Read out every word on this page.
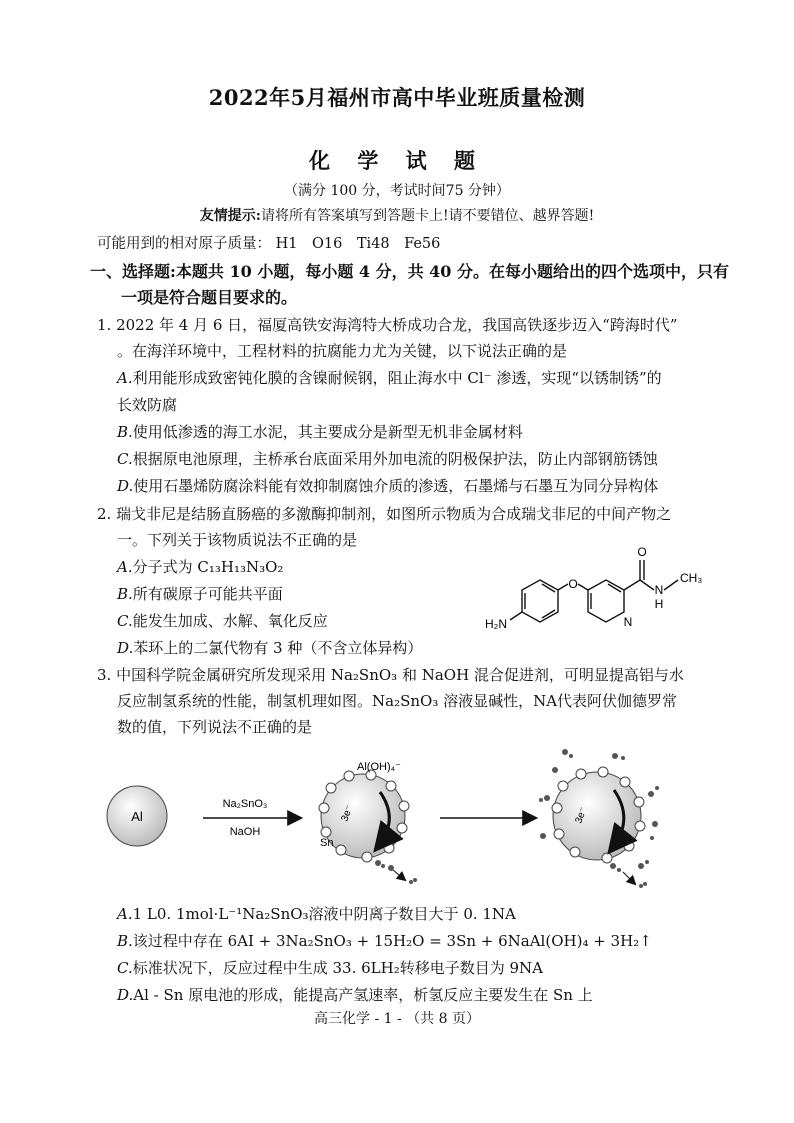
2022年5月福州市高中毕业班质量检测
化 学 试 题
（满分 100 分，考试时间75 分钟）
友情提示:请将所有答案填写到答题卡上!请不要错位、越界答题!
可能用到的相对原子质量： H1　O16　Ti48　Fe56
一、选择题:本题共 10 小题，每小题 4 分，共 40 分。在每小题给出的四个选项中，只有
一项是符合题目要求的。
1. 2022 年 4 月 6 日，福厦高铁安海湾特大桥成功合龙，我国高铁逐步迈入“跨海时代”
。在海洋环境中，工程材料的抗腐能力尤为关键，以下说法正确的是
A.利用能形成致密钝化膜的含镍耐候钢，阻止海水中 Cl⁻ 渗透，实现“以锈制锈”的
长效防腐
B.使用低渗透的海工水泥，其主要成分是新型无机非金属材料
C.根据原电池原理，主桥承台底面采用外加电流的阴极保护法，防止内部钢筋锈蚀
D.使用石墨烯防腐涂料能有效抑制腐蚀介质的渗透，石墨烯与石墨互为同分异构体
2. 瑞戈非尼是结肠直肠癌的多激酶抑制剂，如图所示物质为合成瑞戈非尼的中间产物之
一。下列关于该物质说法不正确的是
A.分子式为 C₁₃H₁₃N₃O₂
B.所有碳原子可能共平面
C.能发生加成、水解、氧化反应
D.苯环上的二氯代物有 3 种（不含立体异构）
H₂N
O
N
O
N
H
CH₃
3. 中国科学院金属研究所发现采用 Na₂SnO₃ 和 NaOH 混合促进剂，可明显提高铝与水
反应制氢系统的性能，制氢机理如图。Na₂SnO₃ 溶液显碱性，NA代表阿伏伽德罗常
数的值，下列说法不正确的是
Al
Na₂SnO₃
NaOH
3e⁻
Al(OH)₄⁻
Sn
3e⁻
A.1 L0. 1mol·L⁻¹Na₂SnO₃溶液中阴离子数目大于 0. 1NA
B.该过程中存在 6AI + 3Na₂SnO₃ + 15H₂O = 3Sn + 6NaAl(OH)₄ + 3H₂↑
C.标准状况下，反应过程中生成 33. 6LH₂转移电子数目为 9NA
D.Al - Sn 原电池的形成，能提高产氢速率，析氢反应主要发生在 Sn 上
高三化学 - 1 - （共 8 页）
